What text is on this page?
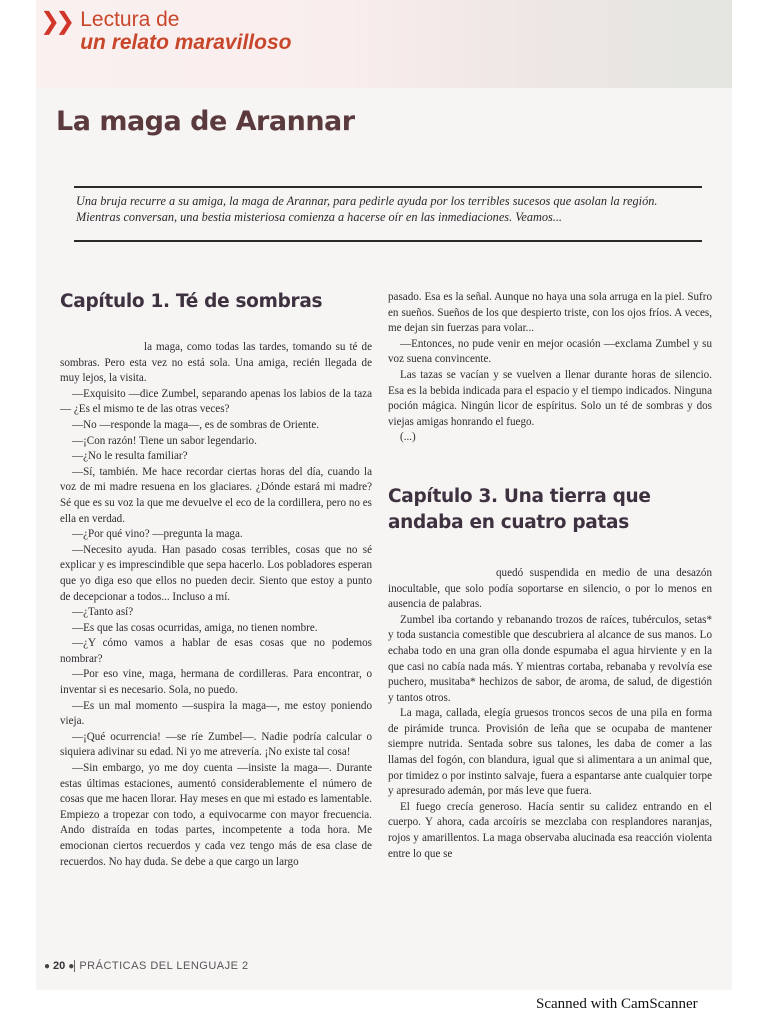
❯❯ Lectura de
un relato maravilloso
La maga de Arannar

Una bruja recurre a su amiga, la maga de Arannar, para pedirle ayuda por los terribles sucesos que asolan la región. Mientras conversan, una bestia misteriosa comienza a hacerse oír en las inmediaciones. Veamos...

Capítulo 1. Té de sombras

la maga, como todas las tardes, tomando su té de sombras. Pero esta vez no está sola. Una amiga, recién llegada de muy lejos, la visita.

—Exquisito —dice Zumbel, separando apenas los labios de la taza— ¿Es el mismo te de las otras veces?

—No —responde la maga—, es de sombras de Oriente.

—¡Con razón! Tiene un sabor legendario.

—¿No le resulta familiar?

—Sí, también. Me hace recordar ciertas horas del día, cuando la voz de mi madre resuena en los glaciares. ¿Dónde estará mi madre? Sé que es su voz la que me devuelve el eco de la cordillera, pero no es ella en verdad.

—¿Por qué vino? —pregunta la maga.

—Necesito ayuda. Han pasado cosas terribles, cosas que no sé explicar y es imprescindible que sepa hacerlo. Los pobladores esperan que yo diga eso que ellos no pueden decir. Siento que estoy a punto de decepcionar a todos... Incluso a mí.

—¿Tanto así?

—Es que las cosas ocurridas, amiga, no tienen nombre.

—¿Y cómo vamos a hablar de esas cosas que no podemos nombrar?

—Por eso vine, maga, hermana de cordilleras. Para encontrar, o inventar si es necesario. Sola, no puedo.

—Es un mal momento —suspira la maga—, me estoy poniendo vieja.

—¡Qué ocurrencia! —se ríe Zumbel—. Nadie podría calcular o siquiera adivinar su edad. Ni yo me atrevería. ¡No existe tal cosa!

—Sin embargo, yo me doy cuenta —insiste la maga—. Durante estas últimas estaciones, aumentó considerablemente el número de cosas que me hacen llorar. Hay meses en que mi estado es lamentable. Empiezo a tropezar con todo, a equivocarme con mayor frecuencia. Ando distraída en todas partes, incompetente a toda hora. Me emocionan ciertos recuerdos y cada vez tengo más de esa clase de recuerdos. No hay duda. Se debe a que cargo un largo

pasado. Esa es la señal. Aunque no haya una sola arruga en la piel. Sufro en sueños. Sueños de los que despierto triste, con los ojos fríos. A veces, me dejan sin fuerzas para volar...

—Entonces, no pude venir en mejor ocasión —exclama Zumbel y su voz suena convincente.

Las tazas se vacían y se vuelven a llenar durante horas de silencio. Esa es la bebida indicada para el espacio y el tiempo indicados. Ninguna poción mágica. Ningún licor de espíritus. Solo un té de sombras y dos viejas amigas honrando el fuego.

(...)

Capítulo 3. Una tierra que andaba en cuatro patas

quedó suspendida en medio de una desazón inocultable, que solo podía soportarse en silencio, o por lo menos en ausencia de palabras.

Zumbel iba cortando y rebanando trozos de raíces, tubérculos, setas* y toda sustancia comestible que descubriera al alcance de sus manos. Lo echaba todo en una gran olla donde espumaba el agua hirviente y en la que casi no cabía nada más. Y mientras cortaba, rebanaba y revolvía ese puchero, musitaba* hechizos de sabor, de aroma, de salud, de digestión y tantos otros.

La maga, callada, elegía gruesos troncos secos de una pila en forma de pirámide trunca. Provisión de leña que se ocupaba de mantener siempre nutrida. Sentada sobre sus talones, les daba de comer a las llamas del fogón, con blandura, igual que si alimentara a un animal que, por timidez o por instinto salvaje, fuera a espantarse ante cualquier torpe y apresurado ademán, por más leve que fuera.

El fuego crecía generoso. Hacía sentir su calidez entrando en el cuerpo. Y ahora, cada arcoíris se mezclaba con resplandores naranjas, rojos y amarillentos. La maga observaba alucinada esa reacción violenta entre lo que se

● 20 ● PRÁCTICAS DEL LENGUAJE 2
Scanned with CamScanner
